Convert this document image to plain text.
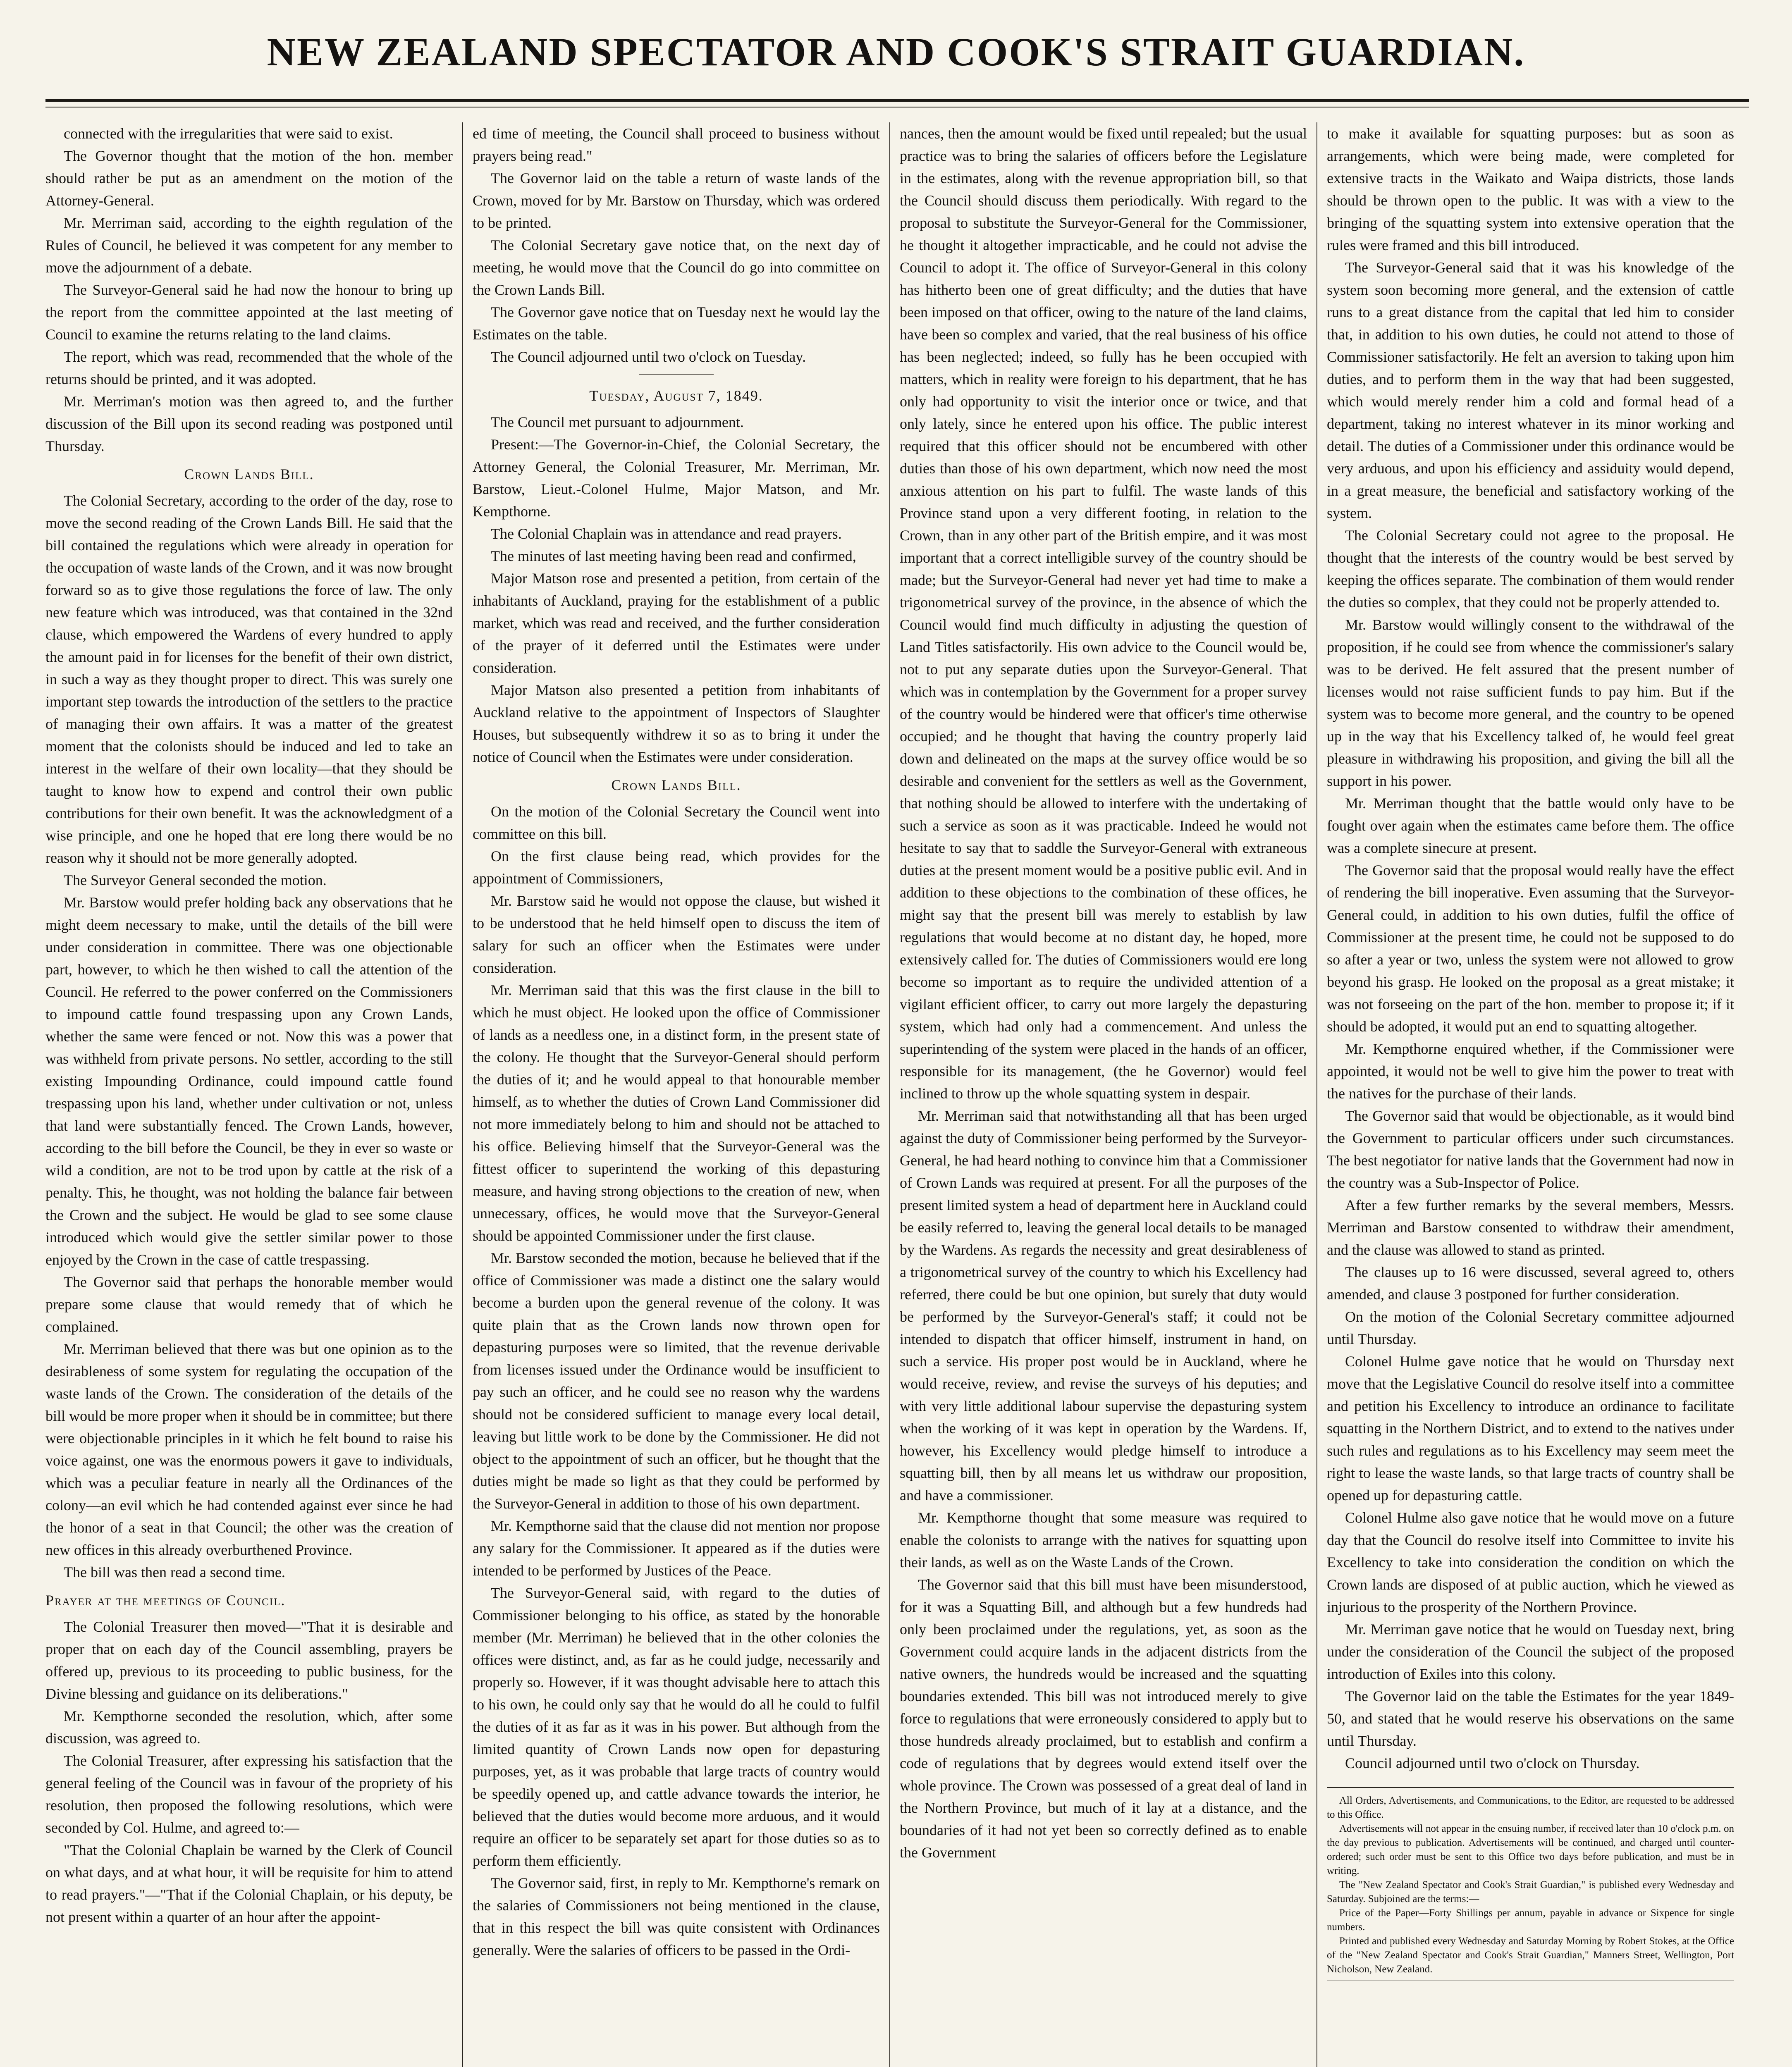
NEW ZEALAND SPECTATOR AND COOK'S STRAIT GUARDIAN.

connected with the irregularities that were said to exist.

The Governor thought that the motion of the hon. member should rather be put as an amendment on the motion of the Attorney-General.

Mr. Merriman said, according to the eighth regulation of the Rules of Council, he believed it was competent for any member to move the adjournment of a debate.

The Surveyor-General said he had now the honour to bring up the report from the committee appointed at the last meeting of Council to examine the returns relating to the land claims.

The report, which was read, recommended that the whole of the returns should be printed, and it was adopted.

Mr. Merriman's motion was then agreed to, and the further discussion of the Bill upon its second reading was postponed until Thursday.

Crown Lands Bill.

The Colonial Secretary, according to the order of the day, rose to move the second reading of the Crown Lands Bill. He said that the bill contained the regulations which were already in operation for the occupation of waste lands of the Crown, and it was now brought forward so as to give those regulations the force of law. The only new feature which was introduced, was that contained in the 32nd clause, which empowered the Wardens of every hundred to apply the amount paid in for licenses for the benefit of their own district, in such a way as they thought proper to direct. This was surely one important step towards the introduction of the settlers to the practice of managing their own affairs. It was a matter of the greatest moment that the colonists should be induced and led to take an interest in the welfare of their own locality—that they should be taught to know how to expend and control their own public contributions for their own benefit. It was the acknowledgment of a wise principle, and one he hoped that ere long there would be no reason why it should not be more generally adopted.

The Surveyor General seconded the motion.

Mr. Barstow would prefer holding back any observations that he might deem necessary to make, until the details of the bill were under consideration in committee. There was one objectionable part, however, to which he then wished to call the attention of the Council. He referred to the power conferred on the Commissioners to impound cattle found trespassing upon any Crown Lands, whether the same were fenced or not. Now this was a power that was withheld from private persons. No settler, according to the still existing Impounding Ordinance, could impound cattle found trespassing upon his land, whether under cultivation or not, unless that land were substantially fenced. The Crown Lands, however, according to the bill before the Council, be they in ever so waste or wild a condition, are not to be trod upon by cattle at the risk of a penalty. This, he thought, was not holding the balance fair between the Crown and the subject. He would be glad to see some clause introduced which would give the settler similar power to those enjoyed by the Crown in the case of cattle trespassing.

The Governor said that perhaps the honorable member would prepare some clause that would remedy that of which he complained.

Mr. Merriman believed that there was but one opinion as to the desirableness of some system for regulating the occupation of the waste lands of the Crown. The consideration of the details of the bill would be more proper when it should be in committee; but there were objectionable principles in it which he felt bound to raise his voice against, one was the enormous powers it gave to individuals, which was a peculiar feature in nearly all the Ordinances of the colony—an evil which he had contended against ever since he had the honor of a seat in that Council; the other was the creation of new offices in this already overburthened Province.

The bill was then read a second time.

Prayer at the meetings of Council.

The Colonial Treasurer then moved—"That it is desirable and proper that on each day of the Council assembling, prayers be offered up, previous to its proceeding to public business, for the Divine blessing and guidance on its deliberations."

Mr. Kempthorne seconded the resolution, which, after some discussion, was agreed to.

The Colonial Treasurer, after expressing his satisfaction that the general feeling of the Council was in favour of the propriety of his resolution, then proposed the following resolutions, which were seconded by Col. Hulme, and agreed to:—

"That the Colonial Chaplain be warned by the Clerk of Council on what days, and at what hour, it will be requisite for him to attend to read prayers."—"That if the Colonial Chaplain, or his deputy, be not present within a quarter of an hour after the appoint-

ed time of meeting, the Council shall proceed to business without prayers being read."

The Governor laid on the table a return of waste lands of the Crown, moved for by Mr. Barstow on Thursday, which was ordered to be printed.

The Colonial Secretary gave notice that, on the next day of meeting, he would move that the Council do go into committee on the Crown Lands Bill.

The Governor gave notice that on Tuesday next he would lay the Estimates on the table.

The Council adjourned until two o'clock on Tuesday.

Tuesday, August 7, 1849.

The Council met pursuant to adjournment.

Present:—The Governor-in-Chief, the Colonial Secretary, the Attorney General, the Colonial Treasurer, Mr. Merriman, Mr. Barstow, Lieut.-Colonel Hulme, Major Matson, and Mr. Kempthorne.

The Colonial Chaplain was in attendance and read prayers.

The minutes of last meeting having been read and confirmed,

Major Matson rose and presented a petition, from certain of the inhabitants of Auckland, praying for the establishment of a public market, which was read and received, and the further consideration of the prayer of it deferred until the Estimates were under consideration.

Major Matson also presented a petition from inhabitants of Auckland relative to the appointment of Inspectors of Slaughter Houses, but subsequently withdrew it so as to bring it under the notice of Council when the Estimates were under consideration.

Crown Lands Bill.

On the motion of the Colonial Secretary the Council went into committee on this bill.

On the first clause being read, which provides for the appointment of Commissioners,

Mr. Barstow said he would not oppose the clause, but wished it to be understood that he held himself open to discuss the item of salary for such an officer when the Estimates were under consideration.

Mr. Merriman said that this was the first clause in the bill to which he must object. He looked upon the office of Commissioner of lands as a needless one, in a distinct form, in the present state of the colony. He thought that the Surveyor-General should perform the duties of it; and he would appeal to that honourable member himself, as to whether the duties of Crown Land Commissioner did not more immediately belong to him and should not be attached to his office. Believing himself that the Surveyor-General was the fittest officer to superintend the working of this depasturing measure, and having strong objections to the creation of new, when unnecessary, offices, he would move that the Surveyor-General should be appointed Commissioner under the first clause.

Mr. Barstow seconded the motion, because he believed that if the office of Commissioner was made a distinct one the salary would become a burden upon the general revenue of the colony. It was quite plain that as the Crown lands now thrown open for depasturing purposes were so limited, that the revenue derivable from licenses issued under the Ordinance would be insufficient to pay such an officer, and he could see no reason why the wardens should not be considered sufficient to manage every local detail, leaving but little work to be done by the Commissioner. He did not object to the appointment of such an officer, but he thought that the duties might be made so light as that they could be performed by the Surveyor-General in addition to those of his own department.

Mr. Kempthorne said that the clause did not mention nor propose any salary for the Commissioner. It appeared as if the duties were intended to be performed by Justices of the Peace.

The Surveyor-General said, with regard to the duties of Commissioner belonging to his office, as stated by the honorable member (Mr. Merriman) he believed that in the other colonies the offices were distinct, and, as far as he could judge, necessarily and properly so. However, if it was thought advisable here to attach this to his own, he could only say that he would do all he could to fulfil the duties of it as far as it was in his power. But although from the limited quantity of Crown Lands now open for depasturing purposes, yet, as it was probable that large tracts of country would be speedily opened up, and cattle advance towards the interior, he believed that the duties would become more arduous, and it would require an officer to be separately set apart for those duties so as to perform them efficiently.

The Governor said, first, in reply to Mr. Kempthorne's remark on the salaries of Commissioners not being mentioned in the clause, that in this respect the bill was quite consistent with Ordinances generally. Were the salaries of officers to be passed in the Ordi-

nances, then the amount would be fixed until repealed; but the usual practice was to bring the salaries of officers before the Legislature in the estimates, along with the revenue appropriation bill, so that the Council should discuss them periodically. With regard to the proposal to substitute the Surveyor-General for the Commissioner, he thought it altogether impracticable, and he could not advise the Council to adopt it. The office of Surveyor-General in this colony has hitherto been one of great difficulty; and the duties that have been imposed on that officer, owing to the nature of the land claims, have been so complex and varied, that the real business of his office has been neglected; indeed, so fully has he been occupied with matters, which in reality were foreign to his department, that he has only had opportunity to visit the interior once or twice, and that only lately, since he entered upon his office. The public interest required that this officer should not be encumbered with other duties than those of his own department, which now need the most anxious attention on his part to fulfil. The waste lands of this Province stand upon a very different footing, in relation to the Crown, than in any other part of the British empire, and it was most important that a correct intelligible survey of the country should be made; but the Surveyor-General had never yet had time to make a trigonometrical survey of the province, in the absence of which the Council would find much difficulty in adjusting the question of Land Titles satisfactorily. His own advice to the Council would be, not to put any separate duties upon the Surveyor-General. That which was in contemplation by the Government for a proper survey of the country would be hindered were that officer's time otherwise occupied; and he thought that having the country properly laid down and delineated on the maps at the survey office would be so desirable and convenient for the settlers as well as the Government, that nothing should be allowed to interfere with the undertaking of such a service as soon as it was practicable. Indeed he would not hesitate to say that to saddle the Surveyor-General with extraneous duties at the present moment would be a positive public evil. And in addition to these objections to the combination of these offices, he might say that the present bill was merely to establish by law regulations that would become at no distant day, he hoped, more extensively called for. The duties of Commissioners would ere long become so important as to require the undivided attention of a vigilant efficient officer, to carry out more largely the depasturing system, which had only had a commencement. And unless the superintending of the system were placed in the hands of an officer, responsible for its management, (the he Governor) would feel inclined to throw up the whole squatting system in despair.

Mr. Merriman said that notwithstanding all that has been urged against the duty of Commissioner being performed by the Surveyor-General, he had heard nothing to convince him that a Commissioner of Crown Lands was required at present. For all the purposes of the present limited system a head of department here in Auckland could be easily referred to, leaving the general local details to be managed by the Wardens. As regards the necessity and great desirableness of a trigonometrical survey of the country to which his Excellency had referred, there could be but one opinion, but surely that duty would be performed by the Surveyor-General's staff; it could not be intended to dispatch that officer himself, instrument in hand, on such a service. His proper post would be in Auckland, where he would receive, review, and revise the surveys of his deputies; and with very little additional labour supervise the depasturing system when the working of it was kept in operation by the Wardens. If, however, his Excellency would pledge himself to introduce a squatting bill, then by all means let us withdraw our proposition, and have a commissioner.

Mr. Kempthorne thought that some measure was required to enable the colonists to arrange with the natives for squatting upon their lands, as well as on the Waste Lands of the Crown.

The Governor said that this bill must have been misunderstood, for it was a Squatting Bill, and although but a few hundreds had only been proclaimed under the regulations, yet, as soon as the Government could acquire lands in the adjacent districts from the native owners, the hundreds would be increased and the squatting boundaries extended. This bill was not introduced merely to give force to regulations that were erroneously considered to apply but to those hundreds already proclaimed, but to establish and confirm a code of regulations that by degrees would extend itself over the whole province. The Crown was possessed of a great deal of land in the Northern Province, but much of it lay at a distance, and the boundaries of it had not yet been so correctly defined as to enable the Government

to make it available for squatting purposes: but as soon as arrangements, which were being made, were completed for extensive tracts in the Waikato and Waipa districts, those lands should be thrown open to the public. It was with a view to the bringing of the squatting system into extensive operation that the rules were framed and this bill introduced.

The Surveyor-General said that it was his knowledge of the system soon becoming more general, and the extension of cattle runs to a great distance from the capital that led him to consider that, in addition to his own duties, he could not attend to those of Commissioner satisfactorily. He felt an aversion to taking upon him duties, and to perform them in the way that had been suggested, which would merely render him a cold and formal head of a department, taking no interest whatever in its minor working and detail. The duties of a Commissioner under this ordinance would be very arduous, and upon his efficiency and assiduity would depend, in a great measure, the beneficial and satisfactory working of the system.

The Colonial Secretary could not agree to the proposal. He thought that the interests of the country would be best served by keeping the offices separate. The combination of them would render the duties so complex, that they could not be properly attended to.

Mr. Barstow would willingly consent to the withdrawal of the proposition, if he could see from whence the commissioner's salary was to be derived. He felt assured that the present number of licenses would not raise sufficient funds to pay him. But if the system was to become more general, and the country to be opened up in the way that his Excellency talked of, he would feel great pleasure in withdrawing his proposition, and giving the bill all the support in his power.

Mr. Merriman thought that the battle would only have to be fought over again when the estimates came before them. The office was a complete sinecure at present.

The Governor said that the proposal would really have the effect of rendering the bill inoperative. Even assuming that the Surveyor-General could, in addition to his own duties, fulfil the office of Commissioner at the present time, he could not be supposed to do so after a year or two, unless the system were not allowed to grow beyond his grasp. He looked on the proposal as a great mistake; it was not forseeing on the part of the hon. member to propose it; if it should be adopted, it would put an end to squatting altogether.

Mr. Kempthorne enquired whether, if the Commissioner were appointed, it would not be well to give him the power to treat with the natives for the purchase of their lands.

The Governor said that would be objectionable, as it would bind the Government to particular officers under such circumstances. The best negotiator for native lands that the Government had now in the country was a Sub-Inspector of Police.

After a few further remarks by the several members, Messrs. Merriman and Barstow consented to withdraw their amendment, and the clause was allowed to stand as printed.

The clauses up to 16 were discussed, several agreed to, others amended, and clause 3 postponed for further consideration.

On the motion of the Colonial Secretary committee adjourned until Thursday.

Colonel Hulme gave notice that he would on Thursday next move that the Legislative Council do resolve itself into a committee and petition his Excellency to introduce an ordinance to facilitate squatting in the Northern District, and to extend to the natives under such rules and regulations as to his Excellency may seem meet the right to lease the waste lands, so that large tracts of country shall be opened up for depasturing cattle.

Colonel Hulme also gave notice that he would move on a future day that the Council do resolve itself into Committee to invite his Excellency to take into consideration the condition on which the Crown lands are disposed of at public auction, which he viewed as injurious to the prosperity of the Northern Province.

Mr. Merriman gave notice that he would on Tuesday next, bring under the consideration of the Council the subject of the proposed introduction of Exiles into this colony.

The Governor laid on the table the Estimates for the year 1849-50, and stated that he would reserve his observations on the same until Thursday.

Council adjourned until two o'clock on Thursday.

All Orders, Advertisements, and Communications, to the Editor, are requested to be addressed to this Office.

Advertisements will not appear in the ensuing number, if received later than 10 o'clock p.m. on the day previous to publication. Advertisements will be continued, and charged until counter-ordered; such order must be sent to this Office two days before publication, and must be in writing.

The "New Zealand Spectator and Cook's Strait Guardian," is published every Wednesday and Saturday. Subjoined are the terms:—

Price of the Paper—Forty Shillings per annum, payable in advance or Sixpence for single numbers.

Printed and published every Wednesday and Saturday Morning by Robert Stokes, at the Office of the "New Zealand Spectator and Cook's Strait Guardian," Manners Street, Wellington, Port Nicholson, New Zealand.
